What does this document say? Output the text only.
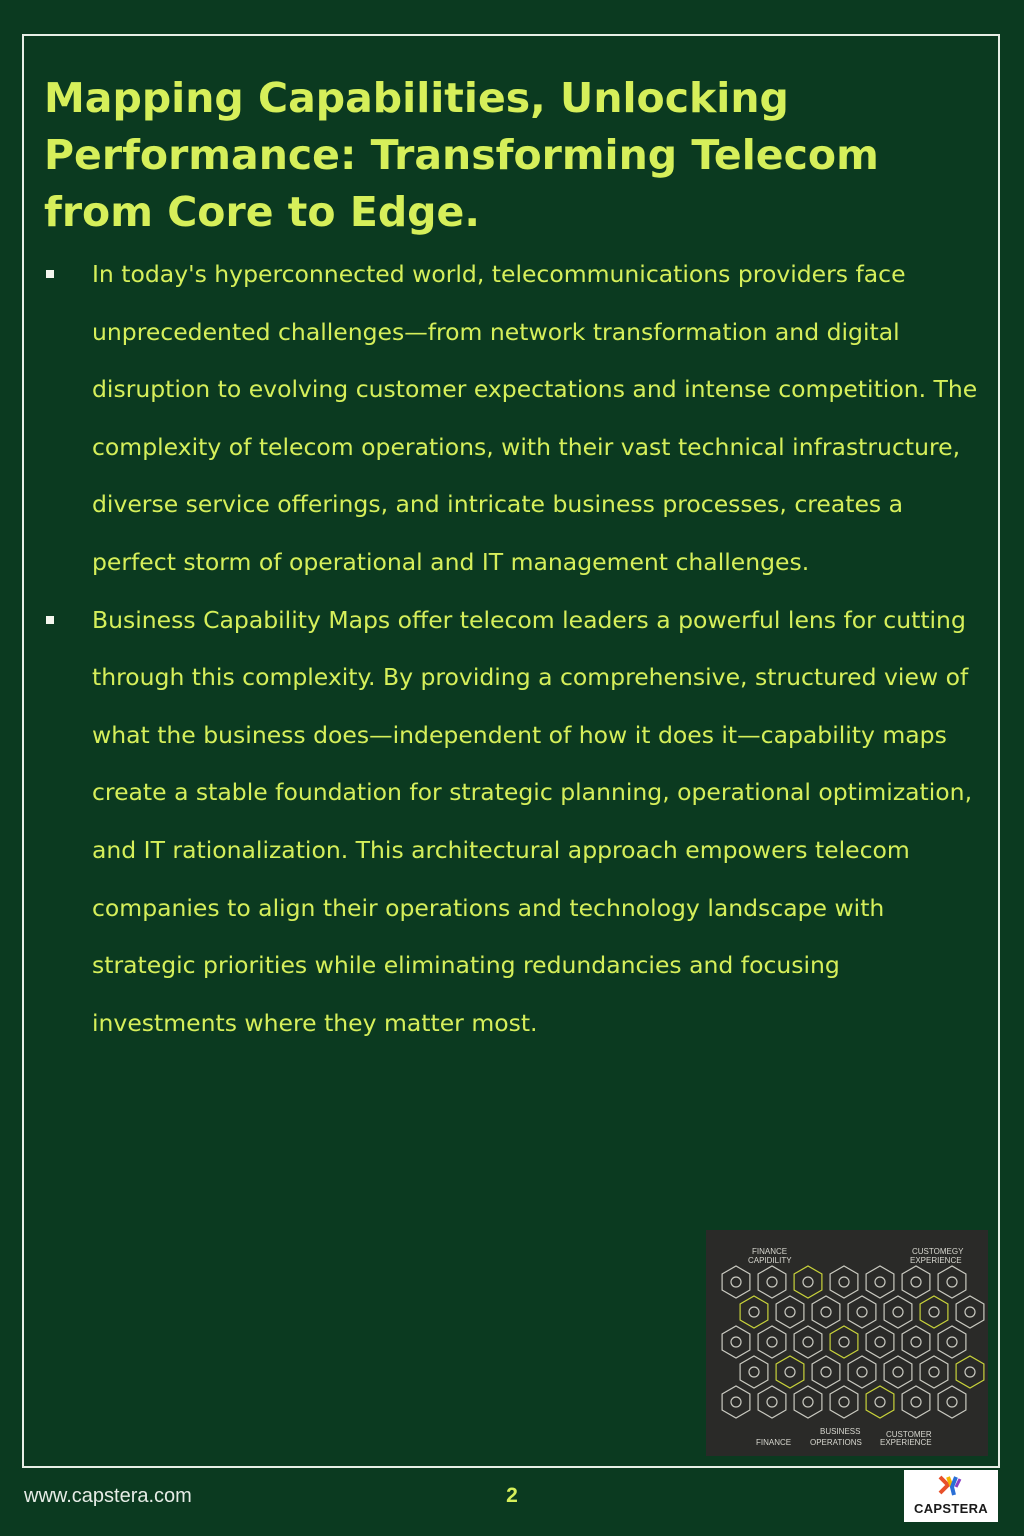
Mapping Capabilities, Unlocking Performance: Transforming Telecom from Core to Edge.
In today's hyperconnected world, telecommunications providers face unprecedented challenges—from network transformation and digital disruption to evolving customer expectations and intense competition. The complexity of telecom operations, with their vast technical infrastructure, diverse service offerings, and intricate business processes, creates a perfect storm of operational and IT management challenges.
Business Capability Maps offer telecom leaders a powerful lens for cutting through this complexity. By providing a comprehensive, structured view of what the business does—independent of how it does it—capability maps create a stable foundation for strategic planning, operational optimization, and IT rationalization. This architectural approach empowers telecom companies to align their operations and technology landscape with strategic priorities while eliminating redundancies and focusing investments where they matter most.
FINANCE
CAPIDILITY
CUSTOMEGY
EXPERIENCE
FINANCE
BUSINESS
OPERATIONS
CUSTOMER
EXPERIENCE
www.capstera.com	2
CAPSTERA
